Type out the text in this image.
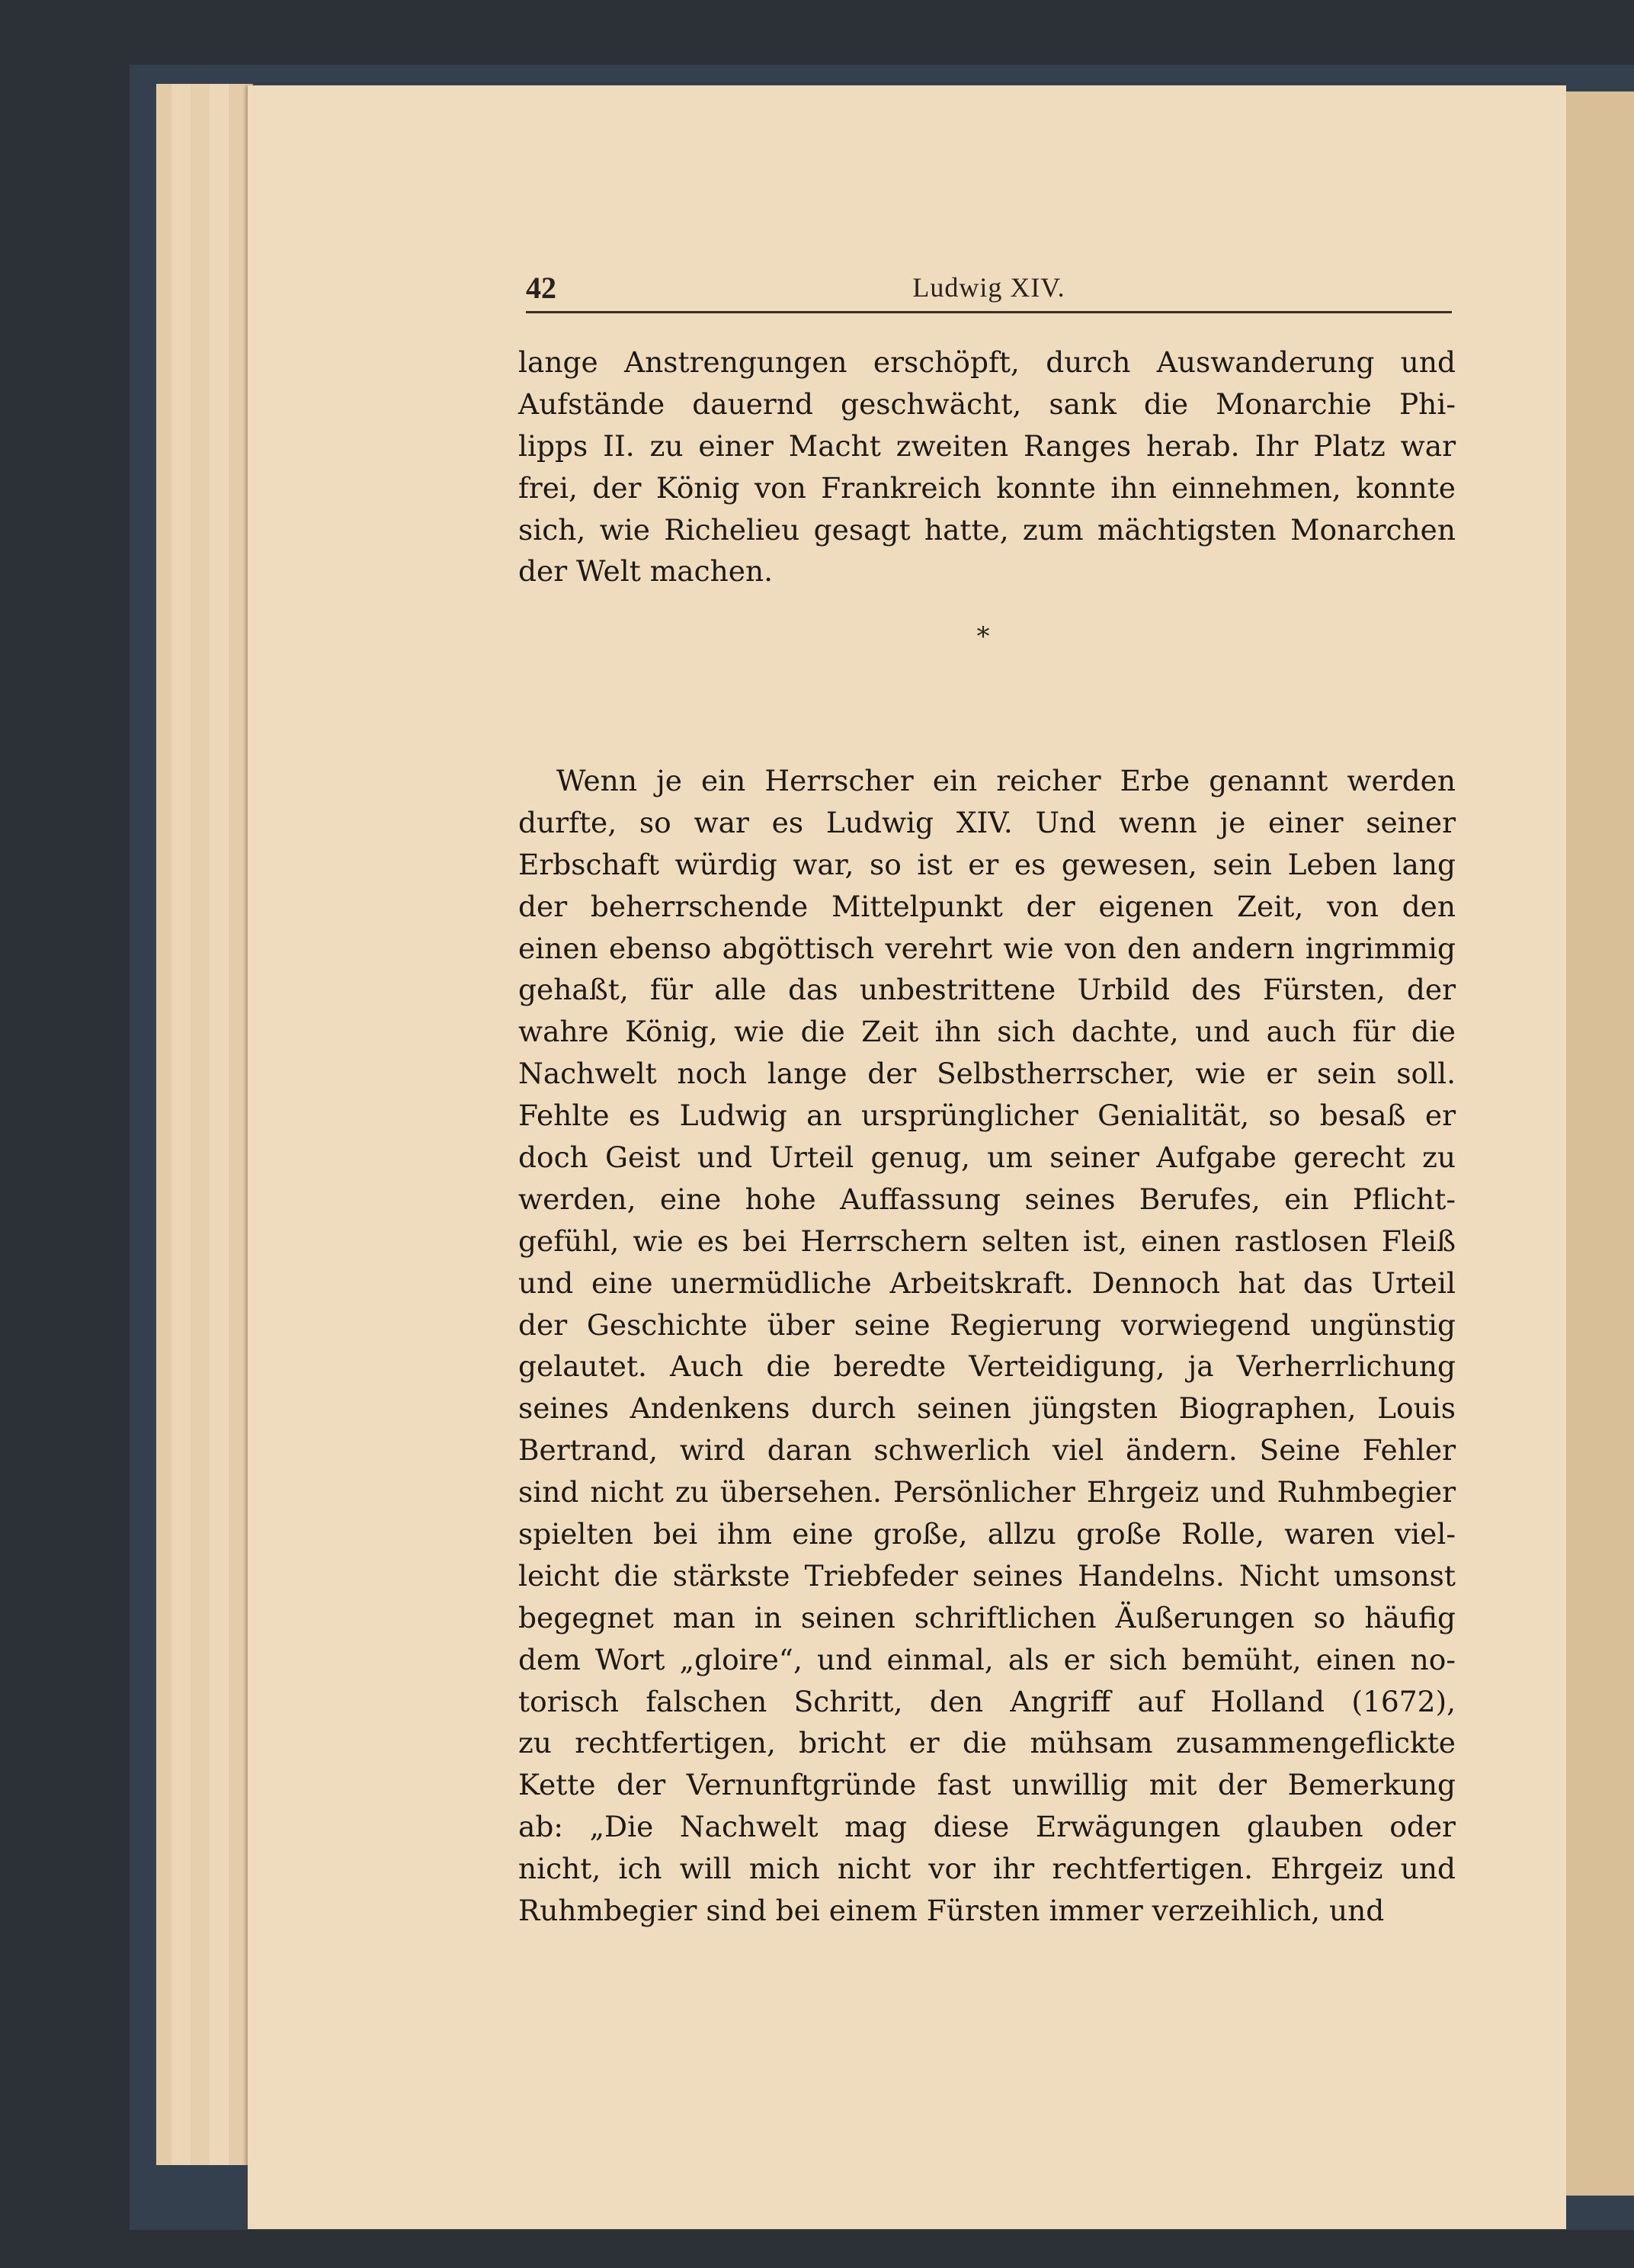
42	Ludwig XIV.
lange Anstrengungen erschöpft, durch Auswanderung und
Aufstände dauernd geschwächt, sank die Monarchie Phi-
lipps II. zu einer Macht zweiten Ranges herab. Ihr Platz war
frei, der König von Frankreich konnte ihn einnehmen, konnte
sich, wie Richelieu gesagt hatte, zum mächtigsten Monarchen
der Welt machen.
Wenn je ein Herrscher ein reicher Erbe genannt werden
durfte, so war es Ludwig XIV. Und wenn je einer seiner
Erbschaft würdig war, so ist er es gewesen, sein Leben lang
der beherrschende Mittelpunkt der eigenen Zeit, von den
einen ebenso abgöttisch verehrt wie von den andern ingrimmig
gehaßt, für alle das unbestrittene Urbild des Fürsten, der
wahre König, wie die Zeit ihn sich dachte, und auch für die
Nachwelt noch lange der Selbstherrscher, wie er sein soll.
Fehlte es Ludwig an ursprünglicher Genialität, so besaß er
doch Geist und Urteil genug, um seiner Aufgabe gerecht zu
werden, eine hohe Auffassung seines Berufes, ein Pflicht-
gefühl, wie es bei Herrschern selten ist, einen rastlosen Fleiß
und eine unermüdliche Arbeitskraft. Dennoch hat das Urteil
der Geschichte über seine Regierung vorwiegend ungünstig
gelautet. Auch die beredte Verteidigung, ja Verherrlichung
seines Andenkens durch seinen jüngsten Biographen, Louis
Bertrand, wird daran schwerlich viel ändern. Seine Fehler
sind nicht zu übersehen. Persönlicher Ehrgeiz und Ruhmbegier
spielten bei ihm eine große, allzu große Rolle, waren viel-
leicht die stärkste Triebfeder seines Handelns. Nicht umsonst
begegnet man in seinen schriftlichen Äußerungen so häufig
dem Wort „gloire“, und einmal, als er sich bemüht, einen no-
torisch falschen Schritt, den Angriff auf Holland (1672),
zu rechtfertigen, bricht er die mühsam zusammengeflickte
Kette der Vernunftgründe fast unwillig mit der Bemerkung
ab: „Die Nachwelt mag diese Erwägungen glauben oder
nicht, ich will mich nicht vor ihr rechtfertigen. Ehrgeiz und
Ruhmbegier sind bei einem Fürsten immer verzeihlich, und
*
